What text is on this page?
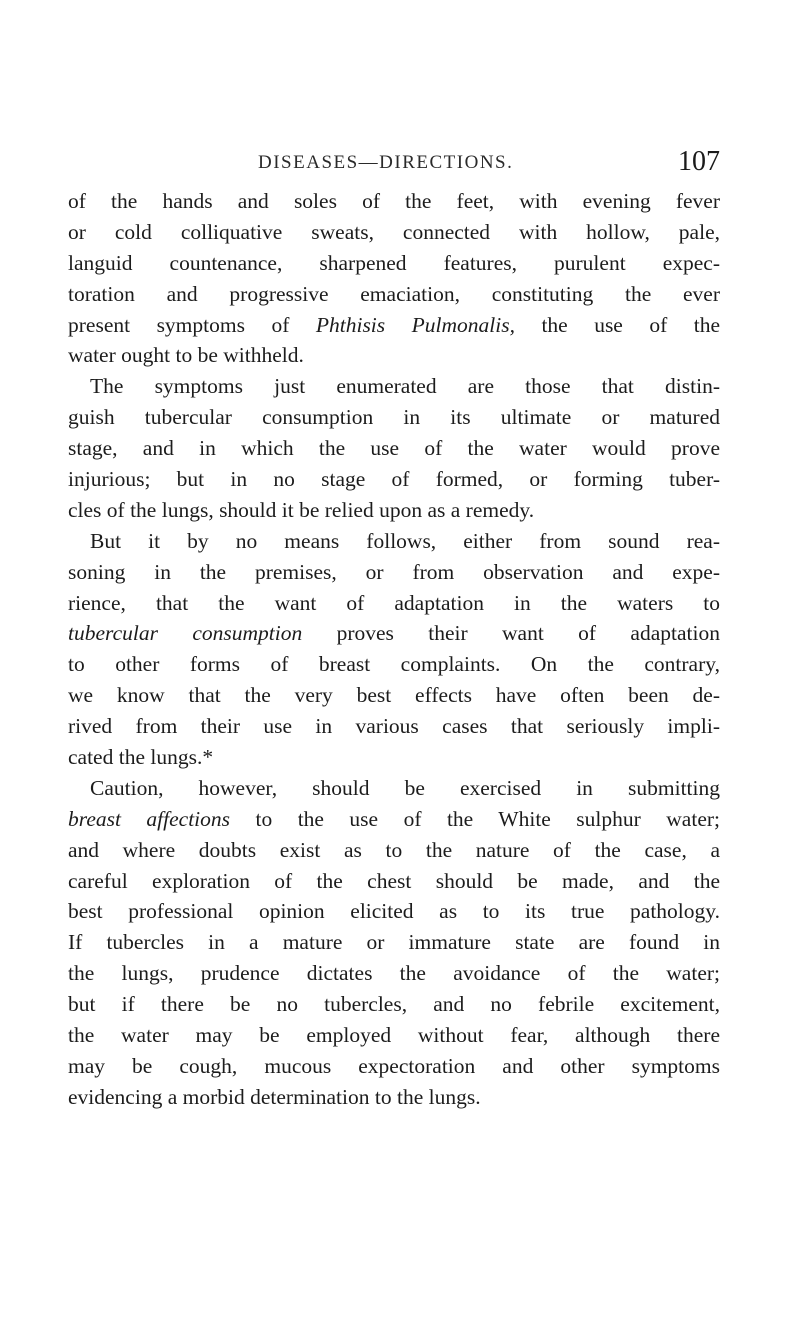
DISEASES—DIRECTIONS.	107
of the hands and soles of the feet, with evening fever
or cold colliquative sweats, connected with hollow, pale,
languid countenance, sharpened features, purulent expec-
toration and progressive emaciation, constituting the ever
present symptoms of Phthisis Pulmonalis, the use of the
water ought to be withheld.
The symptoms just enumerated are those that distin-
guish tubercular consumption in its ultimate or matured
stage, and in which the use of the water would prove
injurious; but in no stage of formed, or forming tuber-
cles of the lungs, should it be relied upon as a remedy.
But it by no means follows, either from sound rea-
soning in the premises, or from observation and expe-
rience, that the want of adaptation in the waters to
tubercular consumption proves their want of adaptation
to other forms of breast complaints. On the contrary,
we know that the very best effects have often been de-
rived from their use in various cases that seriously impli-
cated the lungs.*
Caution, however, should be exercised in submitting
breast affections to the use of the White sulphur water;
and where doubts exist as to the nature of the case, a
careful exploration of the chest should be made, and the
best professional opinion elicited as to its true pathology.
If tubercles in a mature or immature state are found in
the lungs, prudence dictates the avoidance of the water;
but if there be no tubercles, and no febrile excitement,
the water may be employed without fear, although there
may be cough, mucous expectoration and other symptoms
evidencing a morbid determination to the lungs.
